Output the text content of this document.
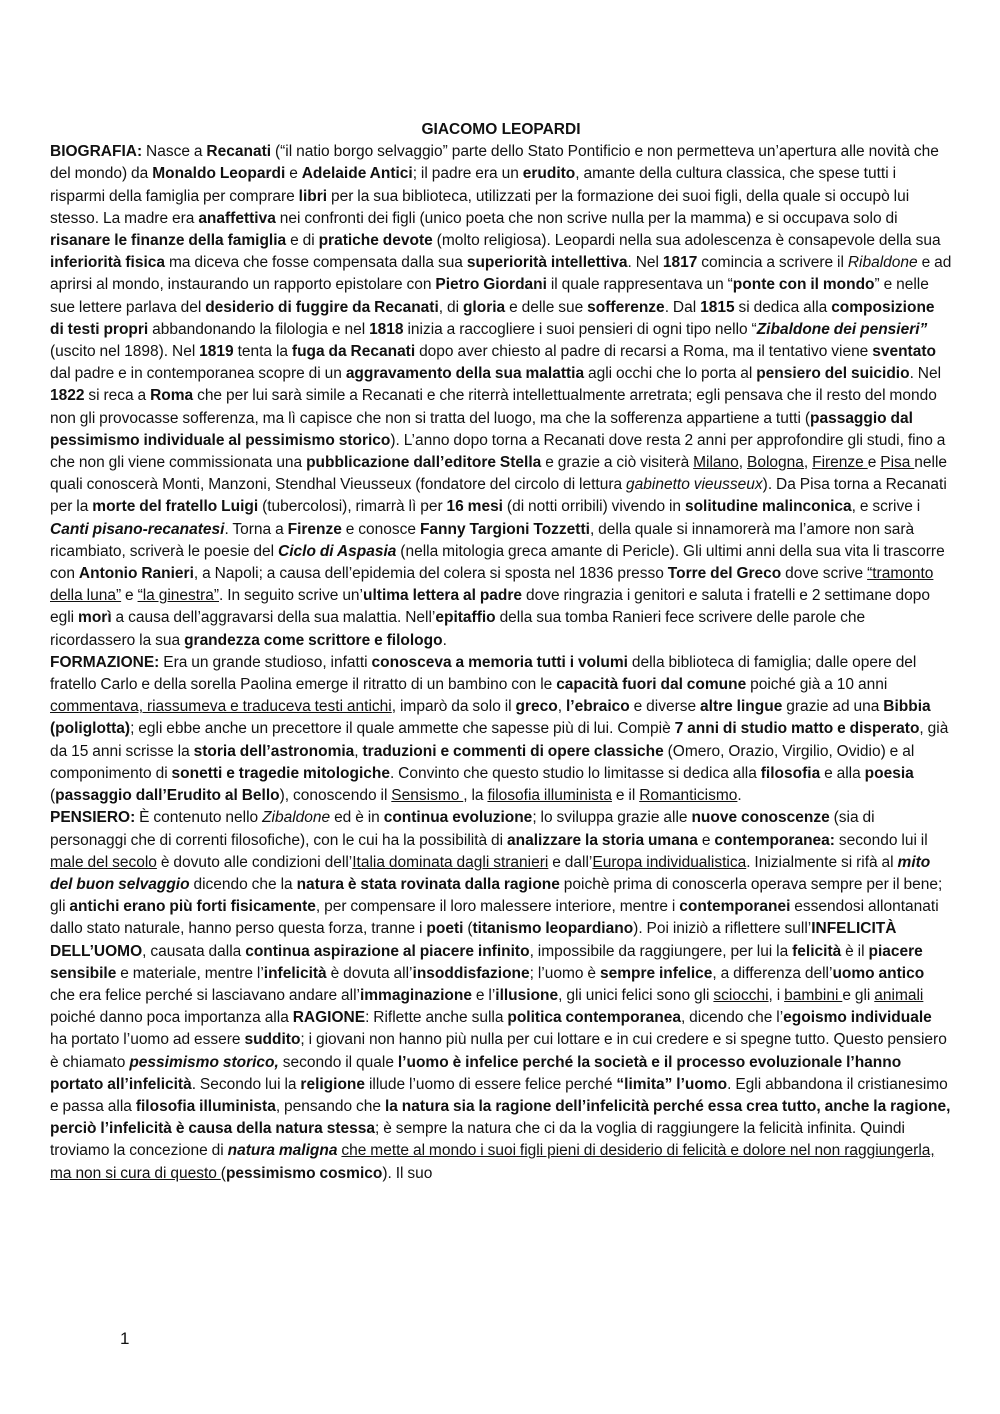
GIACOMO LEOPARDI

BIOGRAFIA: Nasce a Recanati (“il natio borgo selvaggio” parte dello Stato Pontificio e non permetteva un’apertura alle novità che del mondo) da Monaldo Leopardi e Adelaide Antici; il padre era un erudito, amante della cultura classica, che spese tutti i risparmi della famiglia per comprare libri per la sua biblioteca, utilizzati per la formazione dei suoi figli, della quale si occupò lui stesso. La madre era anaffettiva nei confronti dei figli (unico poeta che non scrive nulla per la mamma) e si occupava solo di risanare le finanze della famiglia e di pratiche devote (molto religiosa). Leopardi nella sua adolescenza è consapevole della sua inferiorità fisica ma diceva che fosse compensata dalla sua superiorità intellettiva. Nel 1817 comincia a scrivere il Ribaldone e ad aprirsi al mondo, instaurando un rapporto epistolare con Pietro Giordani il quale rappresentava un “ponte con il mondo” e nelle sue lettere parlava del desiderio di fuggire da Recanati, di gloria e delle sue sofferenze. Dal 1815 si dedica alla composizione di testi propri abbandonando la filologia e nel 1818 inizia a raccogliere i suoi pensieri di ogni tipo nello “Zibaldone dei pensieri” (uscito nel 1898). Nel 1819 tenta la fuga da Recanati dopo aver chiesto al padre di recarsi a Roma, ma il tentativo viene sventato dal padre e in contemporanea scopre di un aggravamento della sua malattia agli occhi che lo porta al pensiero del suicidio. Nel 1822 si reca a Roma che per lui sarà simile a Recanati e che riterrà intellettualmente arretrata; egli pensava che il resto del mondo non gli provocasse sofferenza, ma lì capisce che non si tratta del luogo, ma che la sofferenza appartiene a tutti (passaggio dal pessimismo individuale al pessimismo storico). L’anno dopo torna a Recanati dove resta 2 anni per approfondire gli studi, fino a che non gli viene commissionata una pubblicazione dall’editore Stella e grazie a ciò visiterà Milano, Bologna, Firenze e Pisa nelle quali conoscerà Monti, Manzoni, Stendhal Vieusseux (fondatore del circolo di lettura gabinetto vieusseux). Da Pisa torna a Recanati per la morte del fratello Luigi (tubercolosi), rimarrà lì per 16 mesi (di notti orribili) vivendo in solitudine malinconica, e scrive i Canti pisano-recanatesi. Torna a Firenze e conosce Fanny Targioni Tozzetti, della quale si innamorerà ma l’amore non sarà ricambiato, scriverà le poesie del Ciclo di Aspasia (nella mitologia greca amante di Pericle). Gli ultimi anni della sua vita li trascorre con Antonio Ranieri, a Napoli; a causa dell’epidemia del colera si sposta nel 1836 presso Torre del Greco dove scrive “tramonto della luna” e “la ginestra”. In seguito scrive un’ultima lettera al padre dove ringrazia i genitori e saluta i fratelli e 2 settimane dopo egli morì a causa dell’aggravarsi della sua malattia. Nell’epitaffio della sua tomba Ranieri fece scrivere delle parole che ricordassero la sua grandezza come scrittore e filologo.

FORMAZIONE: Era un grande studioso, infatti conosceva a memoria tutti i volumi della biblioteca di famiglia; dalle opere del fratello Carlo e della sorella Paolina emerge il ritratto di un bambino con le capacità fuori dal comune poiché già a 10 anni commentava, riassumeva e traduceva testi antichi, imparò da solo il greco, l’ebraico e diverse altre lingue grazie ad una Bibbia (poliglotta); egli ebbe anche un precettore il quale ammette che sapesse più di lui. Compiè 7 anni di studio matto e disperato, già da 15 anni scrisse la storia dell’astronomia, traduzioni e commenti di opere classiche (Omero, Orazio, Virgilio, Ovidio) e al componimento di sonetti e tragedie mitologiche. Convinto che questo studio lo limitasse si dedica alla filosofia e alla poesia (passaggio dall’Erudito al Bello), conoscendo il Sensismo , la filosofia illuminista e il Romanticismo.

PENSIERO: È contenuto nello Zibaldone ed è in continua evoluzione; lo sviluppa grazie alle nuove conoscenze (sia di personaggi che di correnti filosofiche), con le cui ha la possibilità di analizzare la storia umana e contemporanea: secondo lui il male del secolo è dovuto alle condizioni dell’Italia dominata dagli stranieri e dall’Europa individualistica. Inizialmente si rifà al mito del buon selvaggio dicendo che la natura è stata rovinata dalla ragione poichè prima di conoscerla operava sempre per il bene; gli antichi erano più forti fisicamente, per compensare il loro malessere interiore, mentre i contemporanei essendosi allontanati dallo stato naturale, hanno perso questa forza, tranne i poeti (titanismo leopardiano). Poi iniziò a riflettere sull’INFELICITÀ DELL’UOMO, causata dalla continua aspirazione al piacere infinito, impossibile da raggiungere, per lui la felicità è il piacere sensibile e materiale, mentre l’infelicità è dovuta all’insoddisfazione; l’uomo è sempre infelice, a differenza dell’uomo antico che era felice perché si lasciavano andare all’immaginazione e l’illusione, gli unici felici sono gli sciocchi, i bambini e gli animali poiché danno poca importanza alla RAGIONE: Riflette anche sulla politica contemporanea, dicendo che l’egoismo individuale ha portato l’uomo ad essere suddito; i giovani non hanno più nulla per cui lottare e in cui credere e si spegne tutto. Questo pensiero è chiamato pessimismo storico, secondo il quale l’uomo è infelice perché la società e il processo evoluzionale l’hanno portato all’infelicità. Secondo lui la religione illude l’uomo di essere felice perché “limita” l’uomo. Egli abbandona il cristianesimo e passa alla filosofia illuminista, pensando che la natura sia la ragione dell’infelicità perché essa crea tutto, anche la ragione, perciò l’infelicità è causa della natura stessa; è sempre la natura che ci da la voglia di raggiungere la felicità infinita. Quindi troviamo la concezione di natura maligna che mette al mondo i suoi figli pieni di desiderio di felicità e dolore nel non raggiungerla, ma non si cura di questo (pessimismo cosmico). Il suo

1
